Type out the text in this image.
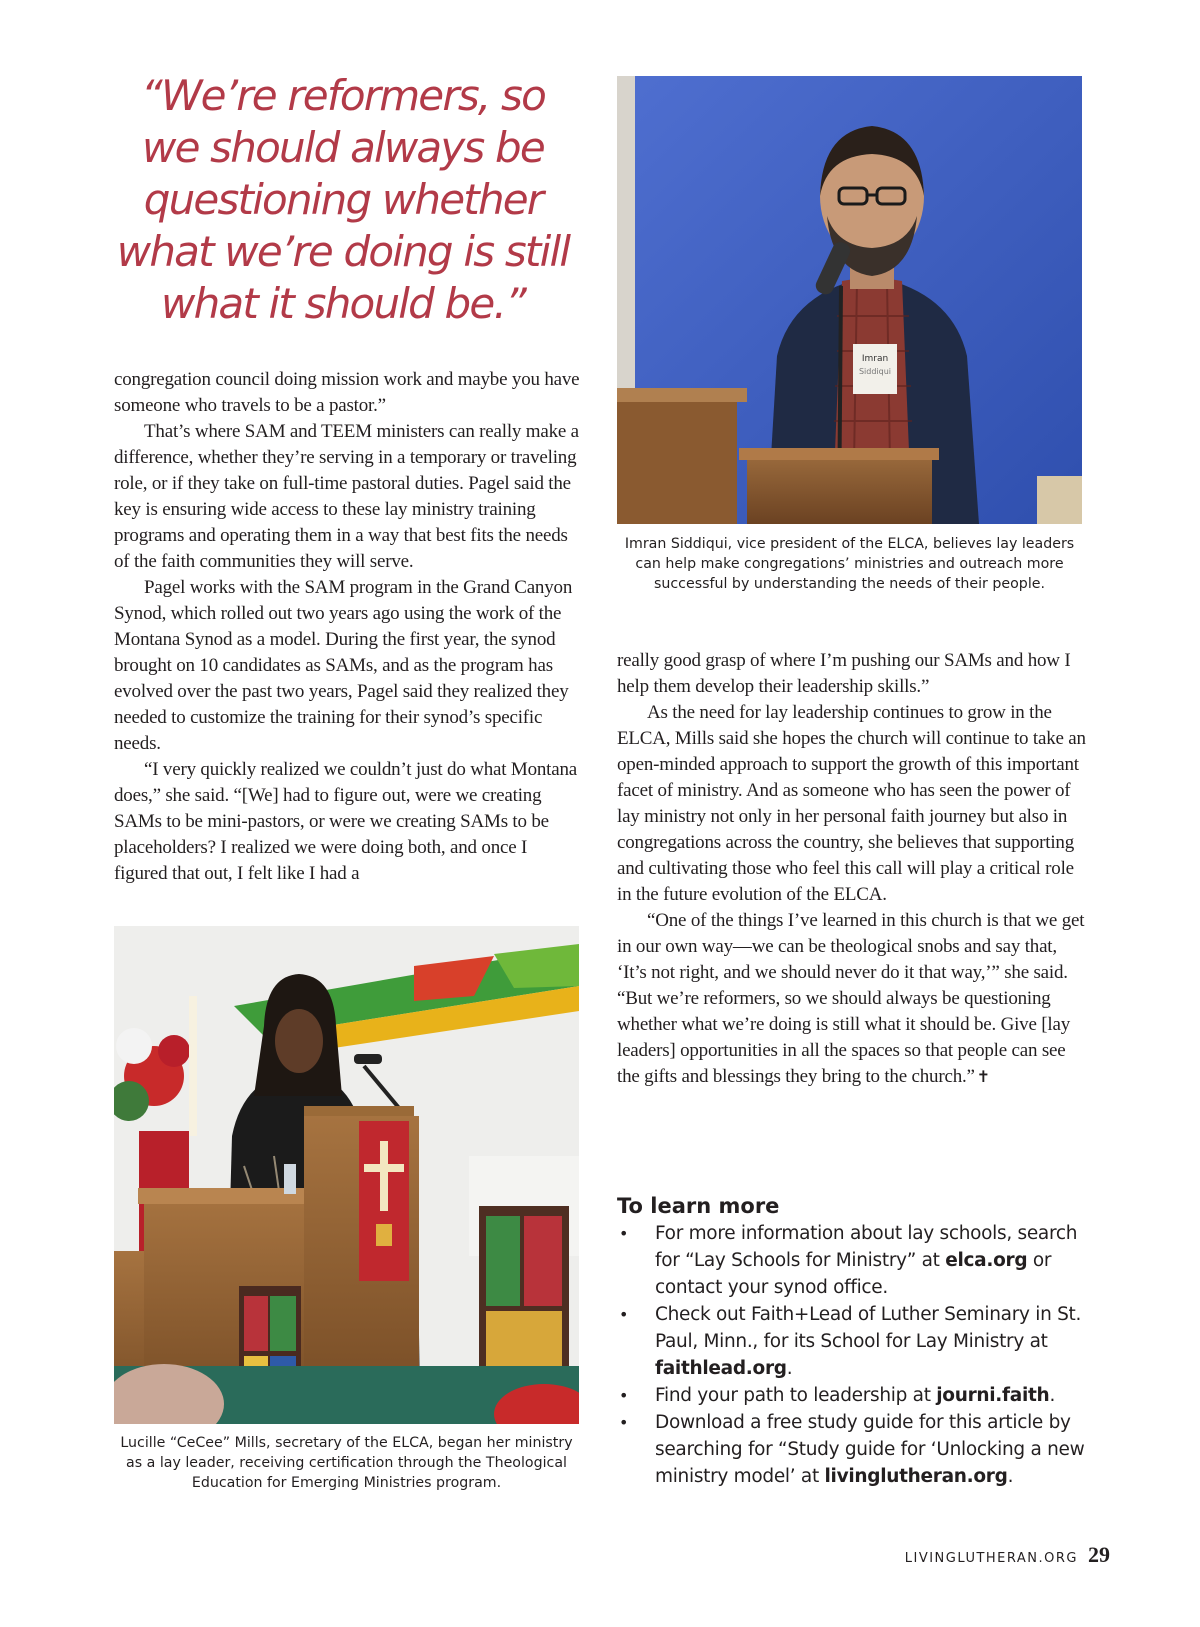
“We’re reformers, so we should always be questioning whether what we’re doing is still what it should be.”

congregation council doing mission work and maybe you have someone who travels to be a pastor.”

That’s where SAM and TEEM ministers can really make a difference, whether they’re serving in a temporary or traveling role, or if they take on full-time pastoral duties. Pagel said the key is ensuring wide access to these lay ministry training programs and operating them in a way that best fits the needs of the faith communities they will serve.

Pagel works with the SAM program in the Grand Canyon Synod, which rolled out two years ago using the work of the Montana Synod as a model. During the first year, the synod brought on 10 candidates as SAMs, and as the program has evolved over the past two years, Pagel said they realized they needed to customize the training for their synod’s specific needs.

“I very quickly realized we couldn’t just do what Montana does,” she said. “[We] had to figure out, were we creating SAMs to be mini-pastors, or were we creating SAMs to be placeholders? I realized we were doing both, and once I figured that out, I felt like I had a

Imran
Siddiqui
Imran Siddiqui, vice president of the ELCA, believes lay leaders can help make congregations’ ministries and outreach more successful by understanding the needs of their people.
Lucille “CeCee” Mills, secretary of the ELCA, began her ministry as a lay leader, receiving certification through the Theological Education for Emerging Ministries program.

really good grasp of where I’m pushing our SAMs and how I help them develop their leadership skills.”

As the need for lay leadership continues to grow in the ELCA, Mills said she hopes the church will continue to take an open-minded approach to support the growth of this important facet of ministry. And as someone who has seen the power of lay ministry not only in her personal faith journey but also in congregations across the country, she believes that supporting and cultivating those who feel this call will play a critical role in the future evolution of the ELCA.

“One of the things I’ve learned in this church is that we get in our own way—we can be theological snobs and say that, ‘It’s not right, and we should never do it that way,’” she said. “But we’re reformers, so we should always be questioning whether what we’re doing is still what it should be. Give [lay leaders] opportunities in all the spaces so that people can see the gifts and blessings they bring to the church.” ✝

To learn more
• For more information about lay schools, search for “Lay Schools for Ministry” at elca.org or contact your synod office.
• Check out Faith+Lead of Luther Seminary in St. Paul, Minn., for its School for Lay Ministry at faithlead.org.
• Find your path to leadership at journi.faith.
• Download a free study guide for this article by searching for “Study guide for ‘Unlocking a new ministry model’ at livinglutheran.org.
LIVINGLUTHERAN.ORG 29
